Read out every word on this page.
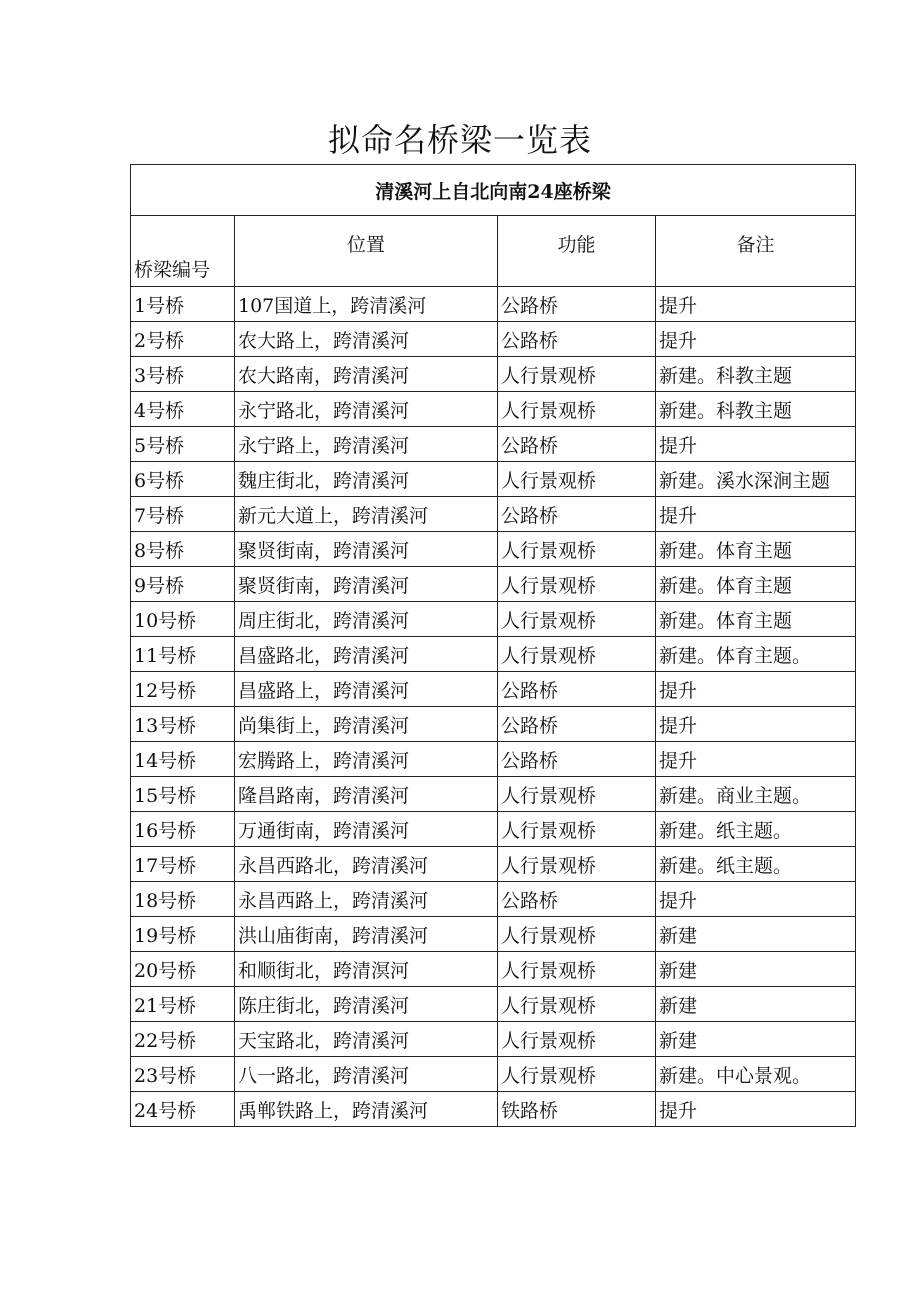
拟命名桥梁一览表
清溪河上自北向南24座桥梁			
桥梁编号	位置	功能	备注
1号桥	107国道上，跨清溪河	公路桥	提升
2号桥	农大路上，跨清溪河	公路桥	提升
3号桥	农大路南，跨清溪河	人行景观桥	新建。科教主题
4号桥	永宁路北，跨清溪河	人行景观桥	新建。科教主题
5号桥	永宁路上，跨清溪河	公路桥	提升
6号桥	魏庄街北，跨清溪河	人行景观桥	新建。溪水深涧主题
7号桥	新元大道上，跨清溪河	公路桥	提升
8号桥	聚贤街南，跨清溪河	人行景观桥	新建。体育主题
9号桥	聚贤街南，跨清溪河	人行景观桥	新建。体育主题
10号桥	周庄街北，跨清溪河	人行景观桥	新建。体育主题
11号桥	昌盛路北，跨清溪河	人行景观桥	新建。体育主题。
12号桥	昌盛路上，跨清溪河	公路桥	提升
13号桥	尚集街上，跨清溪河	公路桥	提升
14号桥	宏腾路上，跨清溪河	公路桥	提升
15号桥	隆昌路南，跨清溪河	人行景观桥	新建。商业主题。
16号桥	万通街南，跨清溪河	人行景观桥	新建。纸主题。
17号桥	永昌西路北，跨清溪河	人行景观桥	新建。纸主题。
18号桥	永昌西路上，跨清溪河	公路桥	提升
19号桥	洪山庙街南，跨清溪河	人行景观桥	新建
20号桥	和顺街北，跨清溟河	人行景观桥	新建
21号桥	陈庄街北，跨清溪河	人行景观桥	新建
22号桥	天宝路北，跨清溪河	人行景观桥	新建
23号桥	八一路北，跨清溪河	人行景观桥	新建。中心景观。
24号桥	禹郸铁路上，跨清溪河	铁路桥	提升
